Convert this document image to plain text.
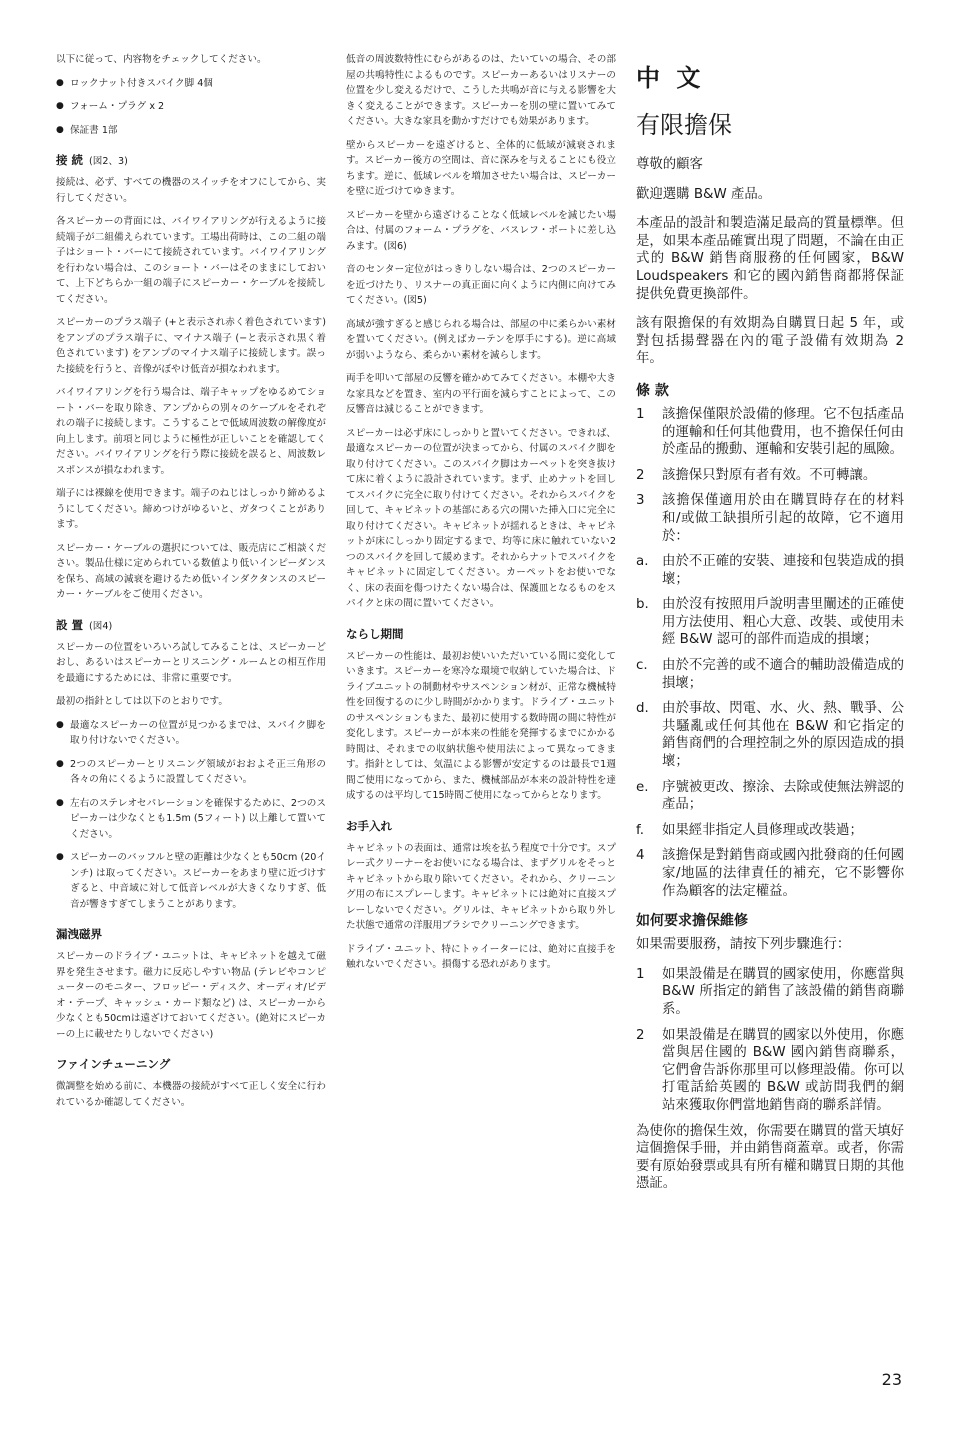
以下に従って、内容物をチェックしてください。

● ロックナット付きスパイク脚 4個
● フォーム・プラグ x 2
● 保証書 1部
接 続 (図2、3)

接続は、必ず、すべての機器のスイッチをオフにしてから、実行してください。

各スピーカーの背面には、バイワイアリングが行えるように接続端子が二組備えられています。工場出荷時は、この二組の端子はショート・バーにて接続されています。バイワイアリングを行わない場合は、このショート・バーはそのままにしておいて、上下どちらか一組の端子にスピーカー・ケーブルを接続してください。

スピーカーのプラス端子 (+と表示され赤く着色されています) をアンプのプラス端子に、マイナス端子 (−と表示され黒く着色されています) をアンプのマイナス端子に接続します。誤った接続を行うと、音像がぼやけ低音が損なわれます。

バイワイアリングを行う場合は、端子キャップをゆるめてショート・バーを取り除き、アンプからの別々のケーブルをそれぞれの端子に接続します。こうすることで低域周波数の解像度が向上します。前項と同じように極性が正しいことを確認してください。バイワイアリングを行う際に接続を誤ると、周波数レスポンスが損なわれます。

端子には裸線を使用できます。端子のねじはしっかり締めるようにしてください。締めつけがゆるいと、ガタつくことがあります。

スピーカー・ケーブルの選択については、販売店にご相談ください。製品仕様に定められている数値より低いインピーダンスを保ち、高域の減衰を避けるため低いインダクタンスのスピーカー・ケーブルをご使用ください。

設 置 (図4)

スピーカーの位置をいろいろ試してみることは、スピーカーどおし、あるいはスピーカーとリスニング・ルームとの相互作用を最適にするためには、非常に重要です。

最初の指針としては以下のとおりです。

● 最適なスピーカーの位置が見つかるまでは、スパイク脚を取り付けないでください。
● 2つのスピーカーとリスニング領域がおおよそ正三角形の各々の角にくるように設置してください。
● 左右のステレオセパレーションを確保するために、2つのスピーカーは少なくとも1.5m (5フィート) 以上離して置いてください。
● スピーカーのバッフルと壁の距離は少なくとも50cm (20インチ) は取ってください。スピーカーをあまり壁に近づけすぎると、中音域に対して低音レベルが大きくなりすぎ、低音が響きすぎてしまうことがあります。
漏洩磁界

スピーカーのドライブ・ユニットは、キャビネットを越えて磁界を発生させます。磁力に反応しやすい物品 (テレビやコンピューターのモニター、フロッピー・ディスク、オーディオ/ビデオ・テープ、キャッシュ・カード類など) は、スピーカーから少なくとも50cmは遠ざけておいてください。(絶対にスピーカーの上に載せたりしないでください)

ファインチューニング

微調整を始める前に、本機器の接続がすべて正しく安全に行われているか確認してください。

低音の周波数特性にむらがあるのは、たいていの場合、その部屋の共鳴特性によるものです。スピーカーあるいはリスナーの位置を少し変えるだけで、こうした共鳴が音に与える影響を大きく変えることができます。スピーカーを別の壁に置いてみてください。大きな家具を動かすだけでも効果があります。

壁からスピーカーを遠ざけると、全体的に低域が減衰されます。スピーカー後方の空間は、音に深みを与えることにも役立ちます。逆に、低域レベルを増加させたい場合は、スピーカーを壁に近づけてゆきます。

スピーカーを壁から遠ざけることなく低域レベルを減じたい場合は、付属のフォーム・プラグを、バスレフ・ポートに差し込みます。(図6)

音のセンター定位がはっきりしない場合は、2つのスピーカーを近づけたり、リスナーの真正面に向くように内側に向けてみてください。(図5)

高域が強すぎると感じられる場合は、部屋の中に柔らかい素材を置いてください。(例えばカーテンを厚手にする)。逆に高域が弱いようなら、柔らかい素材を減らします。

両手を叩いて部屋の反響を確かめてみてください。本棚や大きな家具などを置き、室内の平行面を減らすことによって、この反響音は減じることができます。

スピーカーは必ず床にしっかりと置いてください。できれば、最適なスピーカーの位置が決まってから、付属のスパイク脚を取り付けてください。このスパイク脚はカーペットを突き抜けて床に着くように設計されています。まず、止めナットを回してスパイクに完全に取り付けてください。それからスパイクを回して、キャビネットの基部にある穴の開いた挿入口に完全に取り付けてください。キャビネットが揺れるときは、キャビネットが床にしっかり固定するまで、均等に床に触れていない2つのスパイクを回して緩めます。それからナットでスパイクをキャビネットに固定してください。カーペットをお使いでなく、床の表面を傷つけたくない場合は、保護皿となるものをスパイクと床の間に置いてください。

ならし期間

スピーカーの性能は、最初お使いいただいている間に変化していきます。スピーカーを寒冷な環境で収納していた場合は、ドライブユニットの制動材やサスペンション材が、正常な機械特性を回復するのに少し時間がかかります。ドライブ・ユニットのサスペンションもまた、最初に使用する数時間の間に特性が変化します。スピーカーが本来の性能を発揮するまでにかかる時間は、それまでの収納状態や使用法によって異なってきます。指針としては、気温による影響が安定するのは最長で1週間ご使用になってから、また、機械部品が本来の設計特性を達成するのは平均して15時間ご使用になってからとなります。

お手入れ

キャビネットの表面は、通常は埃を払う程度で十分です。スプレー式クリーナーをお使いになる場合は、まずグリルをそっとキャビネットから取り除いてください。それから、クリーニング用の布にスプレーします。キャビネットには絶対に直接スプレーしないでください。グリルは、キャビネットから取り外した状態で通常の洋服用ブラシでクリーニングできます。

ドライブ・ユニット、特にトゥイーターには、絶対に直接手を触れないでください。損傷する恐れがあります。

中 文
有限擔保

尊敬的顧客

歡迎選購 B&W 產品。

本產品的設計和製造滿足最高的質量標準。但是，如果本產品確實出現了問題，不論在由正式的 B&W 銷售商服務的任何國家，B&W Loudspeakers 和它的國內銷售商都將保証提供免費更換部件。

該有限擔保的有效期為自購買日起 5 年，或對包括揚聲器在內的電子設備有效期為 2 年。

條 款
1 該擔保僅限於設備的修理。它不包括產品的運輸和任何其他費用，也不擔保任何由於產品的搬動、運輸和安裝引起的風險。
2 該擔保只對原有者有效。不可轉讓。
3 該擔保僅適用於由在購買時存在的材料和/或做工缺損所引起的故障，它不適用於：
a. 由於不正確的安裝、連接和包裝造成的損壞；
b. 由於沒有按照用戶說明書里闡述的正確使用方法使用、粗心大意、改裝、或使用未經 B&W 認可的部件而造成的損壞；
c. 由於不完善的或不適合的輔助設備造成的損壞；
d. 由於事故、閃電、水、火、熱、戰爭、公共騷亂或任何其他在 B&W 和它指定的銷售商們的合理控制之外的原因造成的損壞；
e. 序號被更改、擦涂、去除或使無法辨認的產品；
f. 如果經非指定人員修理或改裝過；
4 該擔保是對銷售商或國內批發商的任何國家/地區的法律責任的補充，它不影響你作為顧客的法定權益。
如何要求擔保維修

如果需要服務，請按下列步驟進行：

1 如果設備是在購買的國家使用，你應當與 B&W 所指定的銷售了該設備的銷售商聯系。
2 如果設備是在購買的國家以外使用，你應當與居住國的 B&W 國內銷售商聯系，它們會告訴你那里可以修理設備。你可以打電話給英國的 B&W 或訪問我們的網站來獲取你們當地銷售商的聯系詳情。

為使你的擔保生效，你需要在購買的當天填好這個擔保手冊，并由銷售商蓋章。或者，你需要有原始發票或具有所有權和購買日期的其他憑証。

23
